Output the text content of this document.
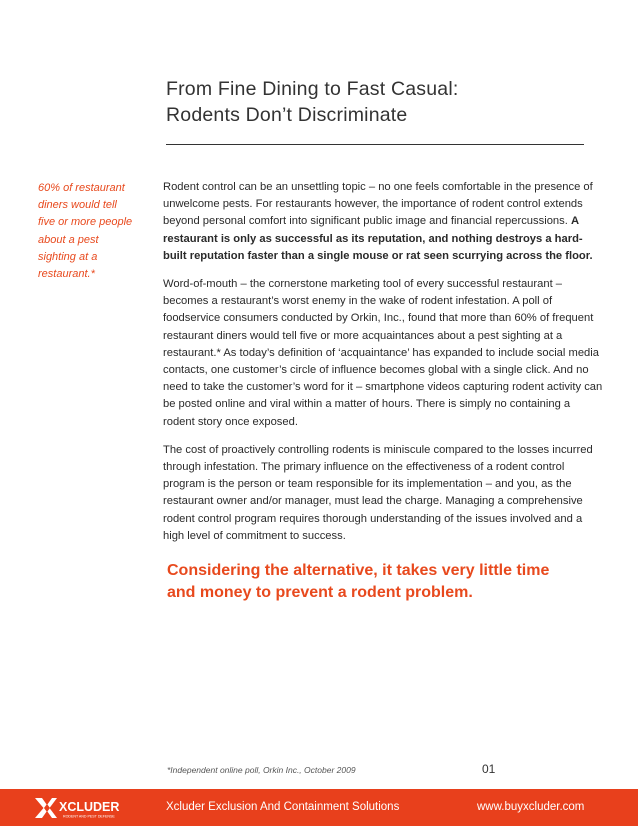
From Fine Dining to Fast Casual:
Rodents Don’t Discriminate
60% of restaurant
diners would tell
five or more people
about a pest
sighting at a
restaurant.*

Rodent control can be an unsettling topic – no one feels comfortable in the presence of unwelcome pests. For restaurants however, the importance of rodent control extends beyond personal comfort into significant public image and financial repercussions. A restaurant is only as successful as its reputation, and nothing destroys a hard-built reputation faster than a single mouse or rat seen scurrying across the floor.

Word-of-mouth – the cornerstone marketing tool of every successful restaurant – becomes a restaurant’s worst enemy in the wake of rodent infestation. A poll of foodservice consumers conducted by Orkin, Inc., found that more than 60% of frequent restaurant diners would tell five or more acquaintances about a pest sighting at a restaurant.* As today’s definition of ‘acquaintance’ has expanded to include social media contacts, one customer’s circle of influence becomes global with a single click. And no need to take the customer’s word for it – smartphone videos capturing rodent activity can be posted online and viral within a matter of hours. There is simply no containing a rodent story once exposed.

The cost of proactively controlling rodents is miniscule compared to the losses incurred through infestation. The primary influence on the effectiveness of a rodent control program is the person or team responsible for its implementation – and you, as the restaurant owner and/or manager, must lead the charge. Managing a comprehensive rodent control program requires thorough understanding of the issues involved and a high level of commitment to success.

Considering the alternative, it takes very little time
and money to prevent a rodent problem.
*Independent online poll, Orkin Inc., October 2009	01
XCLUDER
RODENT AND PEST DEFENSE
Xcluder Exclusion And Containment Solutions	www.buyxcluder.com
